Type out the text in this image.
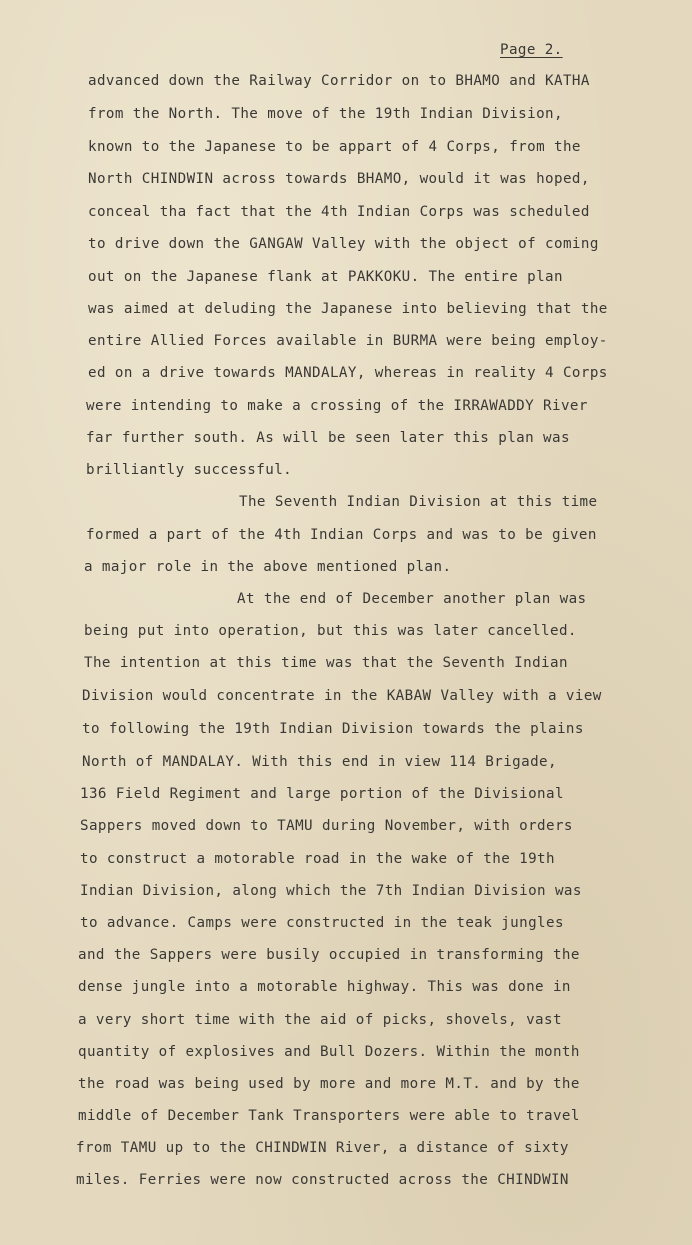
Page 2.
advanced down the Railway Corridor on to BHAMO and KATHA
from the North. The move of the 19th Indian Division,
known to the Japanese to be appart of 4 Corps, from the
North CHINDWIN across towards BHAMO, would it was hoped,
conceal tha fact that the 4th Indian Corps was scheduled
to drive down the GANGAW Valley with the object of coming
out on the Japanese flank at PAKKOKU. The entire plan
was aimed at deluding the Japanese into believing that the
entire Allied Forces available in BURMA were being employ-
ed on a drive towards MANDALAY, whereas in reality 4 Corps
were intending to make a crossing of the IRRAWADDY River
far further south. As will be seen later this plan was
brilliantly successful.
The Seventh Indian Division at this time
formed a part of the 4th Indian Corps and was to be given
a major role in the above mentioned plan.
At the end of December another plan was
being put into operation, but this was later cancelled.
The intention at this time was that the Seventh Indian
Division would concentrate in the KABAW Valley with a view
to following the 19th Indian Division towards the plains
North of MANDALAY. With this end in view 114 Brigade,
136 Field Regiment and large portion of the Divisional
Sappers moved down to TAMU during November, with orders
to construct a motorable road in the wake of the 19th
Indian Division, along which the 7th Indian Division was
to advance. Camps were constructed in the teak jungles
and the Sappers were busily occupied in transforming the
dense jungle into a motorable highway. This was done in
a very short time with the aid of picks, shovels, vast
quantity of explosives and Bull Dozers. Within the month
the road was being used by more and more M.T. and by the
middle of December Tank Transporters were able to travel
from TAMU up to the CHINDWIN River, a distance of sixty
miles. Ferries were now constructed across the CHINDWIN
